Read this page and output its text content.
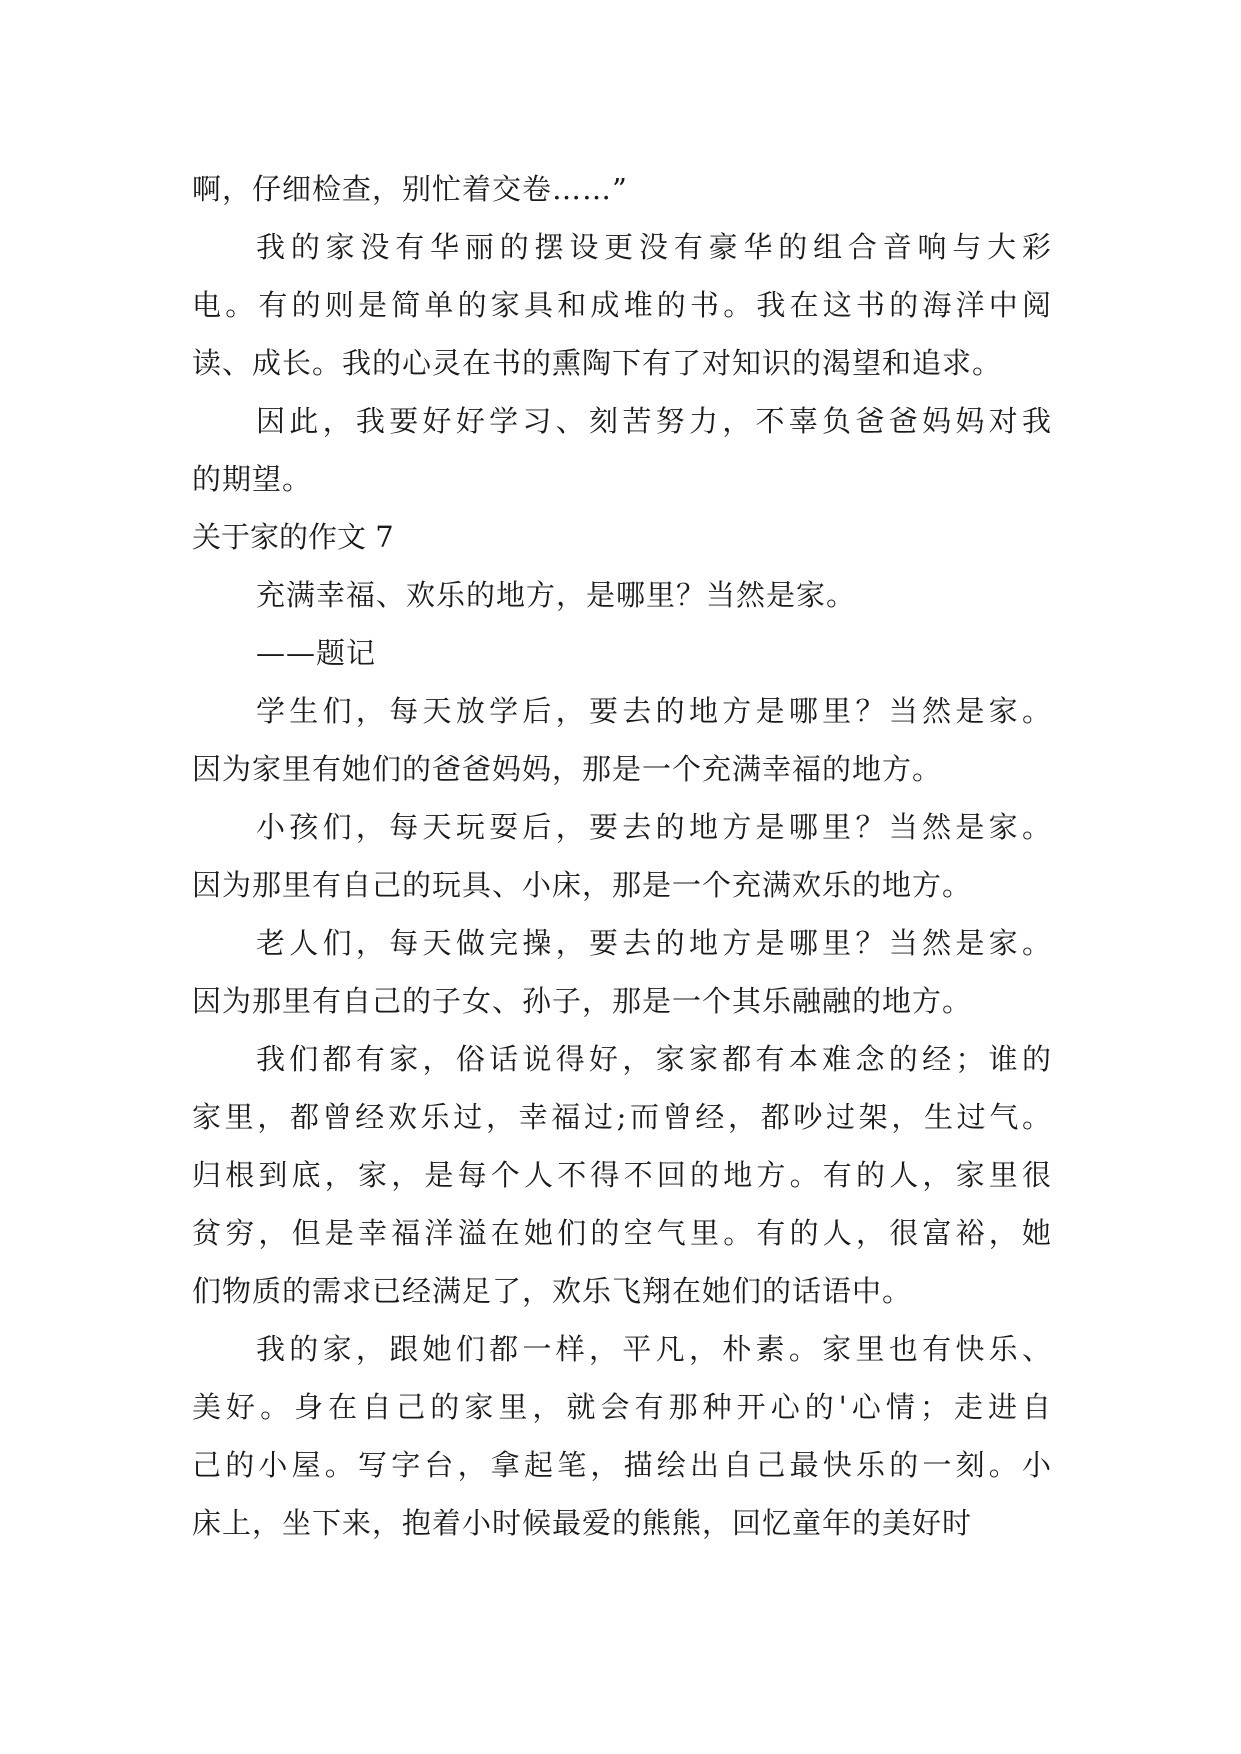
啊，仔细检查，别忙着交卷……”
我的家没有华丽的摆设更没有豪华的组合音响与大彩
电。有的则是简单的家具和成堆的书。我在这书的海洋中阅
读、成长。我的心灵在书的熏陶下有了对知识的渴望和追求。
因此，我要好好学习、刻苦努力，不辜负爸爸妈妈对我
的期望。
关于家的作文 7
充满幸福、欢乐的地方，是哪里？当然是家。
——题记
学生们，每天放学后，要去的地方是哪里？当然是家。
因为家里有她们的爸爸妈妈，那是一个充满幸福的地方。
小孩们，每天玩耍后，要去的地方是哪里？当然是家。
因为那里有自己的玩具、小床，那是一个充满欢乐的地方。
老人们，每天做完操，要去的地方是哪里？当然是家。
因为那里有自己的子女、孙子，那是一个其乐融融的地方。
我们都有家，俗话说得好，家家都有本难念的经；谁的
家里，都曾经欢乐过，幸福过;而曾经，都吵过架，生过气。
归根到底，家，是每个人不得不回的地方。有的人，家里很
贫穷，但是幸福洋溢在她们的空气里。有的人，很富裕，她
们物质的需求已经满足了，欢乐飞翔在她们的话语中。
我的家，跟她们都一样，平凡，朴素。家里也有快乐、
美好。身在自己的家里，就会有那种开心的'心情；走进自
己的小屋。写字台，拿起笔，描绘出自己最快乐的一刻。小
床上，坐下来，抱着小时候最爱的熊熊，回忆童年的美好时
